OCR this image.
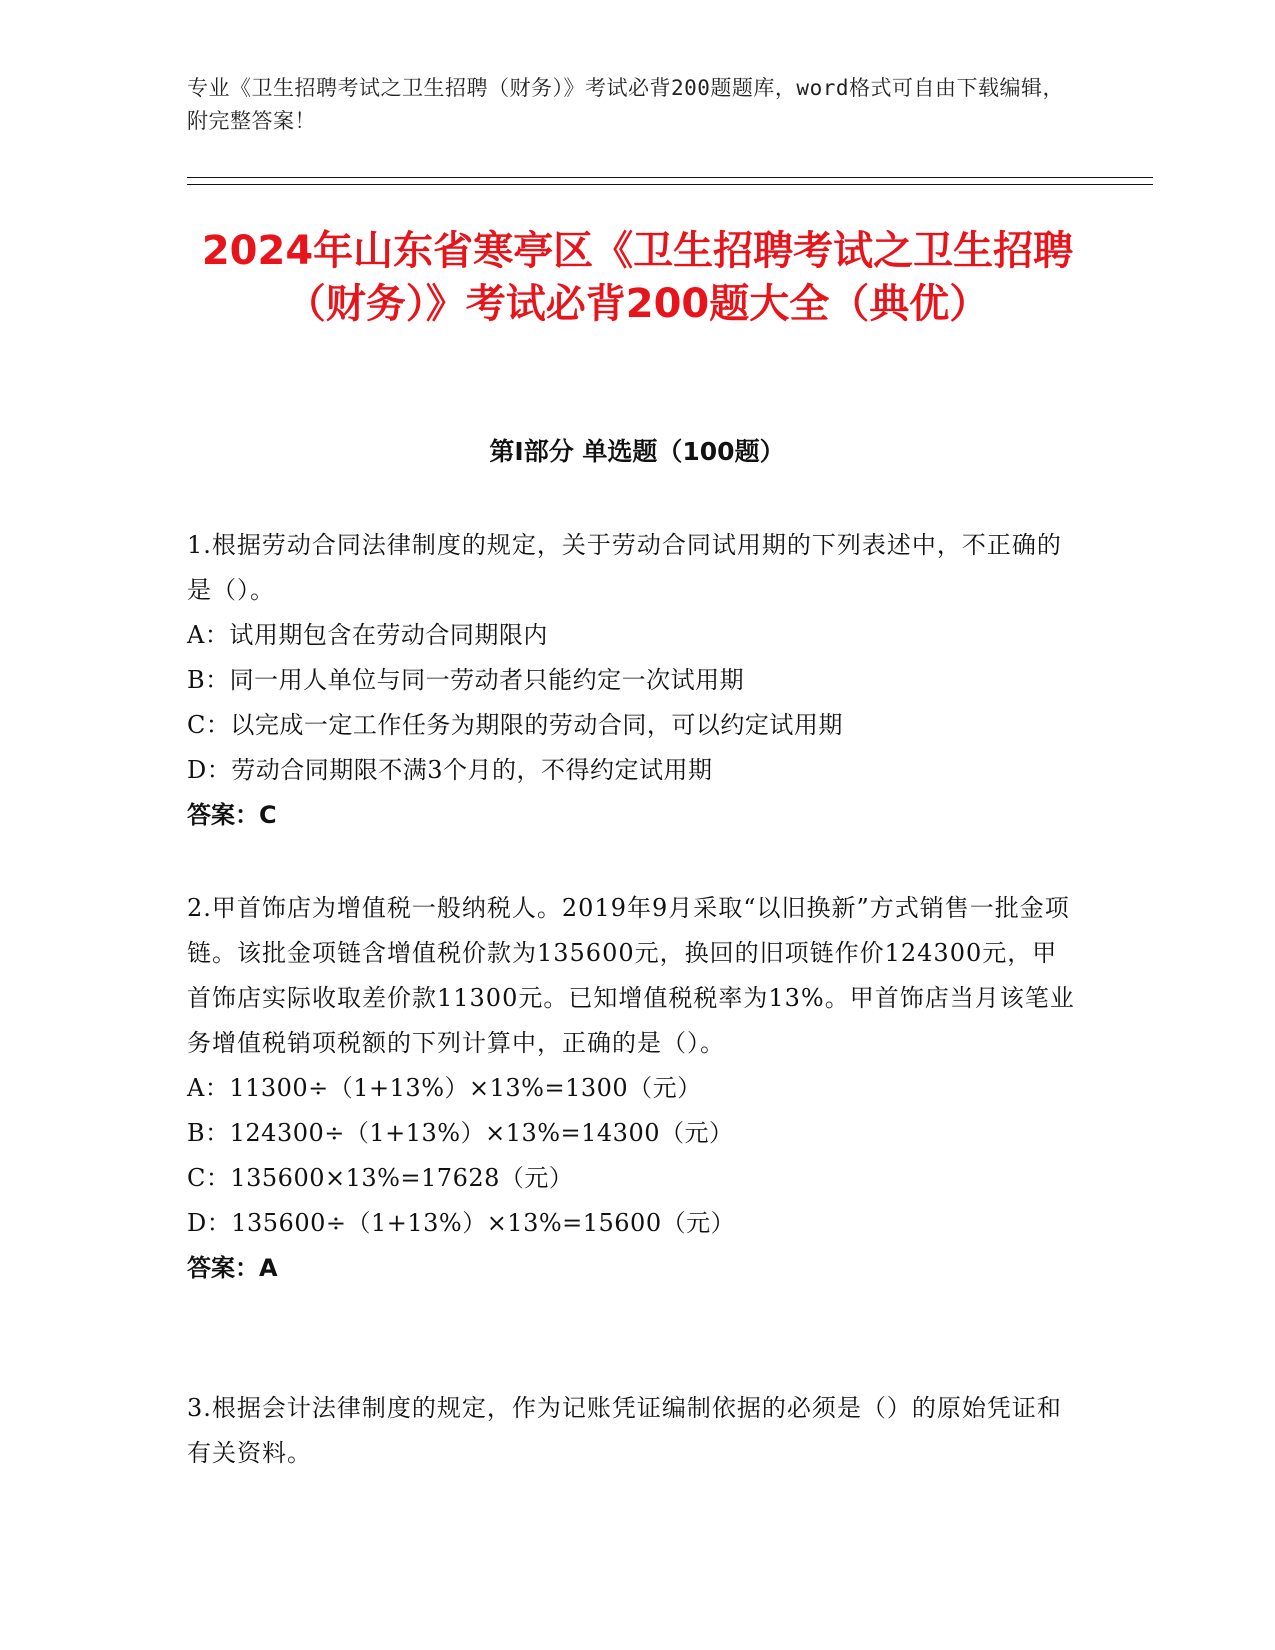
专业《卫生招聘考试之卫生招聘（财务）》考试必背200题题库，word格式可自由下载编辑，附完整答案！
2024年山东省寒亭区《卫生招聘考试之卫生招聘（财务）》考试必背200题大全（典优）
第I部分 单选题（100题）
1.根据劳动合同法律制度的规定，关于劳动合同试用期的下列表述中，不正确的是（）。
A：试用期包含在劳动合同期限内
B：同一用人单位与同一劳动者只能约定一次试用期
C：以完成一定工作任务为期限的劳动合同，可以约定试用期
D：劳动合同期限不满3个月的，不得约定试用期
答案：C
2.甲首饰店为增值税一般纳税人。2019年9月采取“以旧换新”方式销售一批金项链。该批金项链含增值税价款为135600元，换回的旧项链作价124300元，甲首饰店实际收取差价款11300元。已知增值税税率为13%。甲首饰店当月该笔业务增值税销项税额的下列计算中，正确的是（）。
A：11300÷（1+13%）×13%=1300（元）
B：124300÷（1+13%）×13%=14300（元）
C：135600×13%=17628（元）
D：135600÷（1+13%）×13%=15600（元）
答案：A
3.根据会计法律制度的规定，作为记账凭证编制依据的必须是（）的原始凭证和有关资料。
